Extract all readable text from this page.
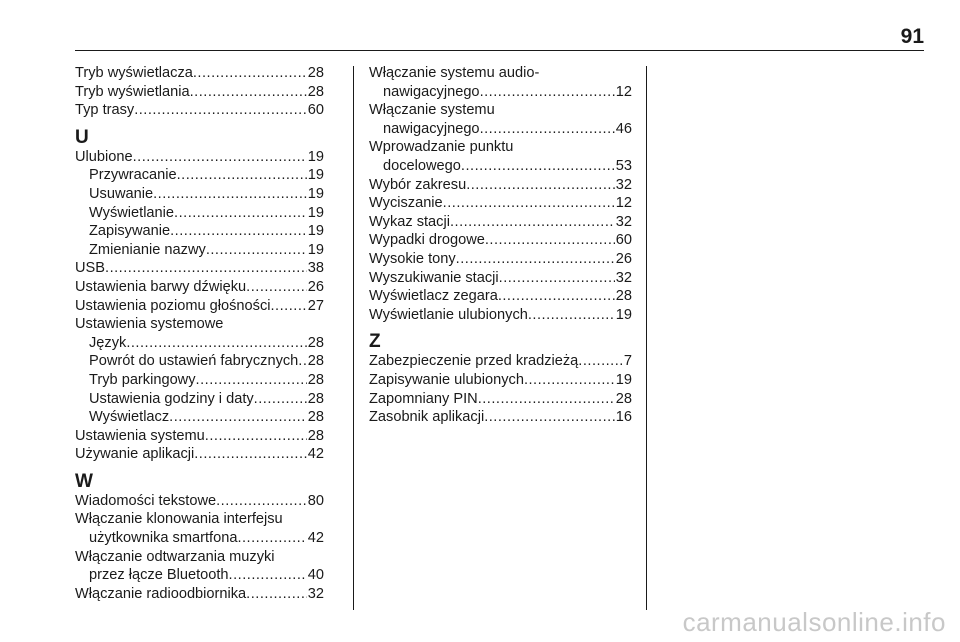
91
Tryb wyświetlacza .....	28
Tryb wyświetlania .....	28
Typ trasy .....	60
U
Ulubione .....	19
Przywracanie .....	19
Usuwanie .....	19
Wyświetlanie .....	19
Zapisywanie .....	19
Zmienianie nazwy .....	19
USB .....	38
Ustawienia barwy dźwięku .....	26
Ustawienia poziomu głośności .....	27
Ustawienia systemowe
Język .....	28
Powrót do ustawień fabrycznych ..... 28
Tryb parkingowy .....	28
Ustawienia godziny i daty .....	28
Wyświetlacz .....	28
Ustawienia systemu .....	28
Używanie aplikacji .....	42
W
Wiadomości tekstowe .....	80
Włączanie klonowania interfejsu
użytkownika smartfona .....	42
Włączanie odtwarzania muzyki
przez łącze Bluetooth .....	40
Włączanie radioodbiornika .....	32
Włączanie systemu audio-
nawigacyjnego .....	12
Włączanie systemu
nawigacyjnego .....	46
Wprowadzanie punktu
docelowego .....	53
Wybór zakresu .....	32
Wyciszanie .....	12
Wykaz stacji .....	32
Wypadki drogowe .....	60
Wysokie tony .....	26
Wyszukiwanie stacji .....	32
Wyświetlacz zegara .....	28
Wyświetlanie ulubionych .....	19
Z
Zabezpieczenie przed kradzieżą .....	7
Zapisywanie ulubionych .....	19
Zapomniany PIN .....	28
Zasobnik aplikacji .....	16
carmanualsonline.info
